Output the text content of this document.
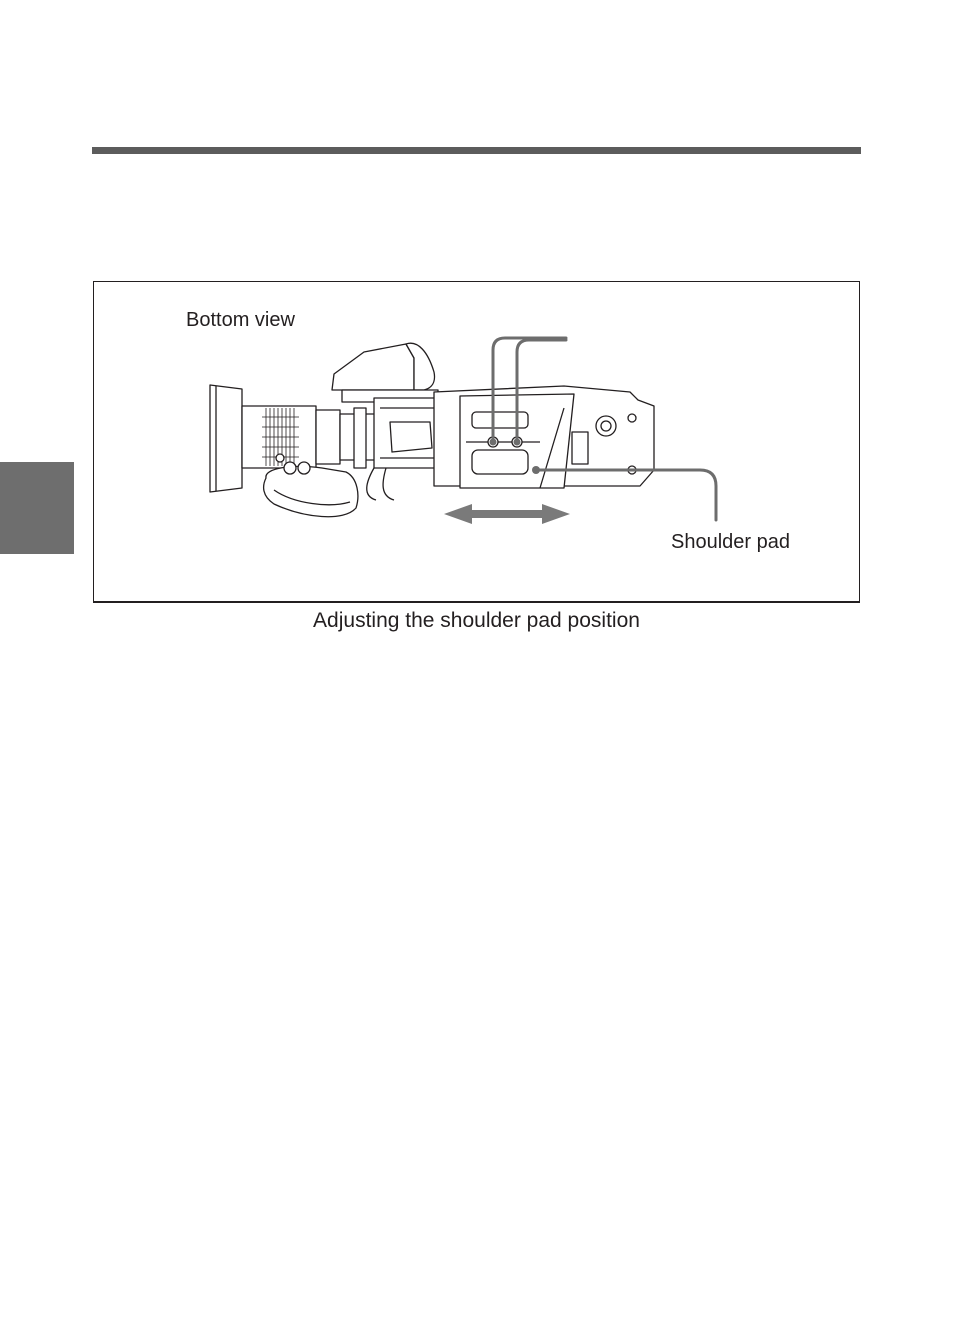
Bottom view
Shoulder pad
Adjusting the shoulder pad position
